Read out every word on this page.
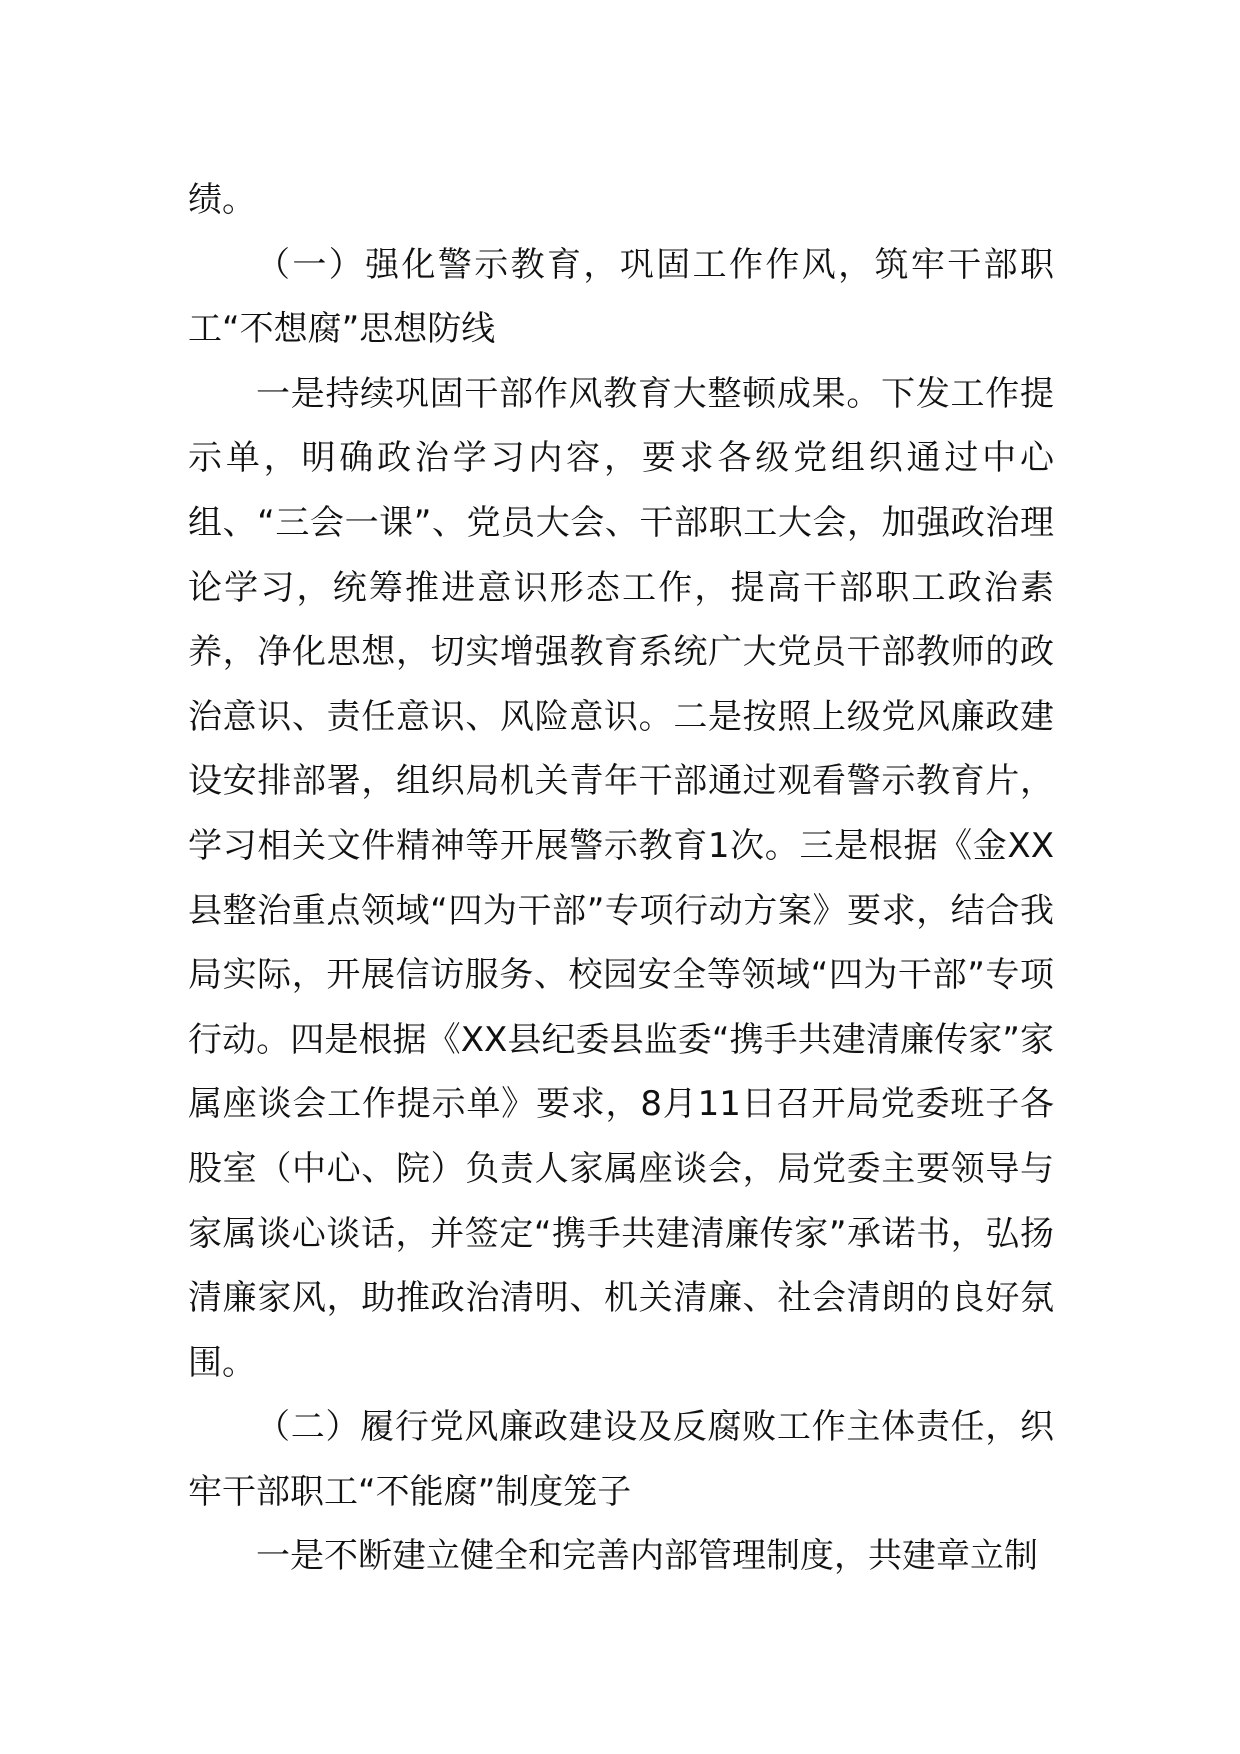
绩。

（一）强化警示教育，巩固工作作风，筑牢干部职工“不想腐”思想防线

一是持续巩固干部作风教育大整顿成果。下发工作提示单，明确政治学习内容，要求各级党组织通过中心组、“三会一课”、党员大会、干部职工大会，加强政治理论学习，统筹推进意识形态工作，提高干部职工政治素养，净化思想，切实增强教育系统广大党员干部教师的政治意识、责任意识、风险意识。二是按照上级党风廉政建设安排部署，组织局机关青年干部通过观看警示教育片，学习相关文件精神等开展警示教育1次。三是根据《金XX县整治重点领域“四为干部”专项行动方案》要求，结合我局实际，开展信访服务、校园安全等领域“四为干部”专项行动。四是根据《XX县纪委县监委“携手共建清廉传家”家属座谈会工作提示单》要求，8月11日召开局党委班子各股室（中心、院）负责人家属座谈会，局党委主要领导与家属谈心谈话，并签定“携手共建清廉传家”承诺书，弘扬清廉家风，助推政治清明、机关清廉、社会清朗的良好氛围。

（二）履行党风廉政建设及反腐败工作主体责任，织牢干部职工“不能腐”制度笼子

一是不断建立健全和完善内部管理制度，共建章立制
